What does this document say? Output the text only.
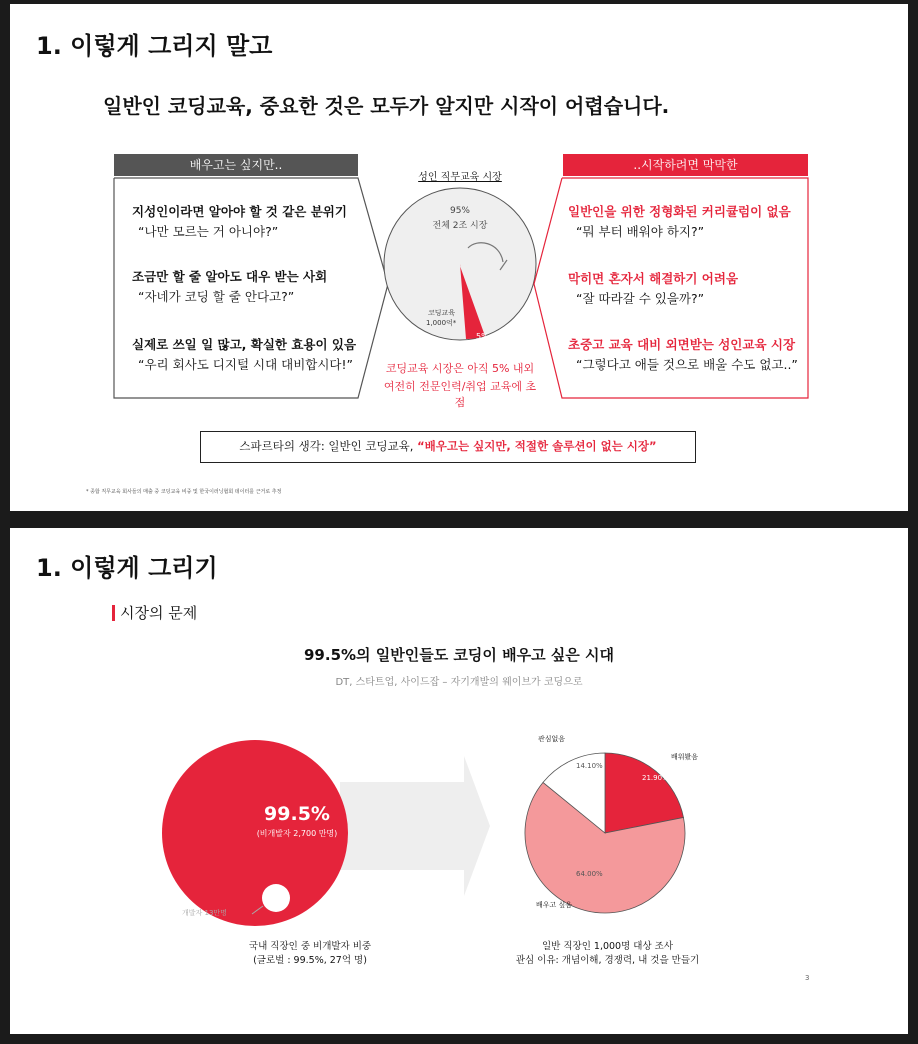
1. 이렇게 그리지 말고
일반인 코딩교육, 중요한 것은 모두가 알지만 시작이 어렵습니다.
배우고는 싶지만..
지성인이라면 알아야 할 것 같은 분위기
“나만 모르는 거 아니야?”
조금만 할 줄 알아도 대우 받는 사회
“자네가 코딩 할 줄 안다고?”
실제로 쓰일 일 많고, 확실한 효용이 있음
“우리 회사도 디지털 시대 대비합시다!”
성인 직무교육 시장
95%
전체 2조 시장
코딩교육
1,000억*
5%
코딩교육 시장은 아직 5% 내외
여전히 전문인력/취업 교육에 초점
..시작하려면 막막한
일반인을 위한 정형화된 커리큘럼이 없음
“뭐 부터 배워야 하지?”
막히면 혼자서 해결하기 어려움
“잘 따라갈 수 있을까?”
초중고 교육 대비 외면받는 성인교육 시장
“그렇다고 애들 것으로 배울 수도 없고..”
스파르타의 생각: 일반인 코딩교육, “배우고는 싶지만, 적절한 솔루션이 없는 시장”
* 종합 직무교육 회사들의 매출 중 코딩교육 비중 및 한국이러닝협회 데이터를 근거로 추정
1. 이렇게 그리기
시장의 문제
99.5%의 일반인들도 코딩이 배우고 싶은 시대
DT, 스타트업, 사이드잡 – 자기개발의 웨이브가 코딩으로
99.5%
(비개발자 2,700 만명)
개발자 13만명
국내 직장인 중 비개발자 비중
(글로벌 : 99.5%, 27억 명)
관심없음
배워봤음
배우고 싶음
14.10%
21.90%
64.00%
일반 직장인 1,000명 대상 조사
관심 이유: 개념이해, 경쟁력, 내 것을 만들기
3
